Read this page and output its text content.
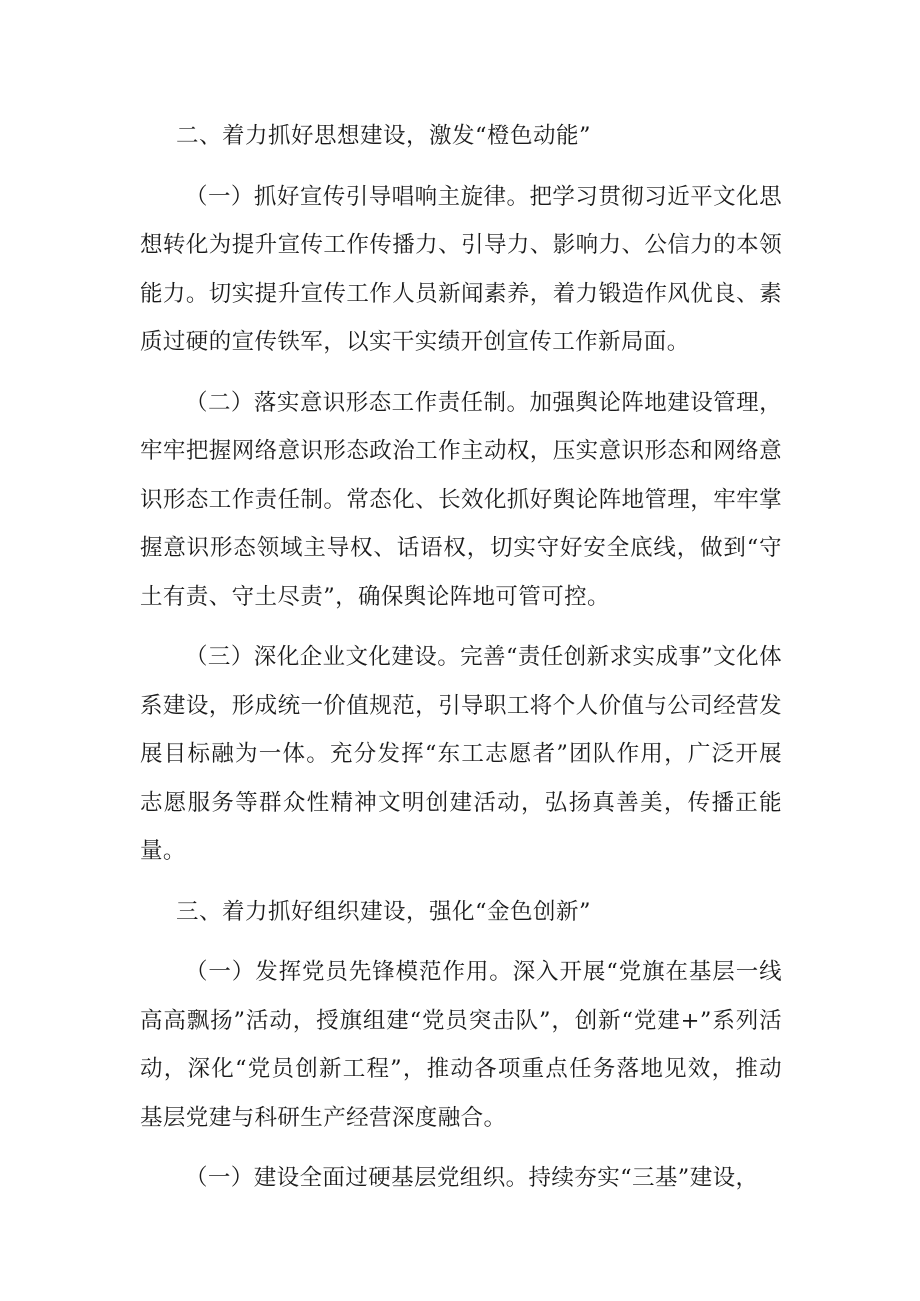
二、着力抓好思想建设，激发“橙色动能”

（一）抓好宣传引导唱响主旋律。把学习贯彻习近平文化思想转化为提升宣传工作传播力、引导力、影响力、公信力的本领能力。切实提升宣传工作人员新闻素养，着力锻造作风优良、素质过硬的宣传铁军，以实干实绩开创宣传工作新局面。

（二）落实意识形态工作责任制。加强舆论阵地建设管理，牢牢把握网络意识形态政治工作主动权，压实意识形态和网络意识形态工作责任制。常态化、长效化抓好舆论阵地管理，牢牢掌握意识形态领域主导权、话语权，切实守好安全底线，做到“守土有责、守土尽责”，确保舆论阵地可管可控。

（三）深化企业文化建设。完善“责任创新求实成事”文化体系建设，形成统一价值规范，引导职工将个人价值与公司经营发展目标融为一体。充分发挥“东工志愿者”团队作用，广泛开展志愿服务等群众性精神文明创建活动，弘扬真善美，传播正能量。

三、着力抓好组织建设，强化“金色创新”

（一）发挥党员先锋模范作用。深入开展“党旗在基层一线高高飘扬”活动，授旗组建“党员突击队”，创新“党建+”系列活动，深化“党员创新工程”，推动各项重点任务落地见效，推动基层党建与科研生产经营深度融合。

（一）建设全面过硬基层党组织。持续夯实“三基”建设，
